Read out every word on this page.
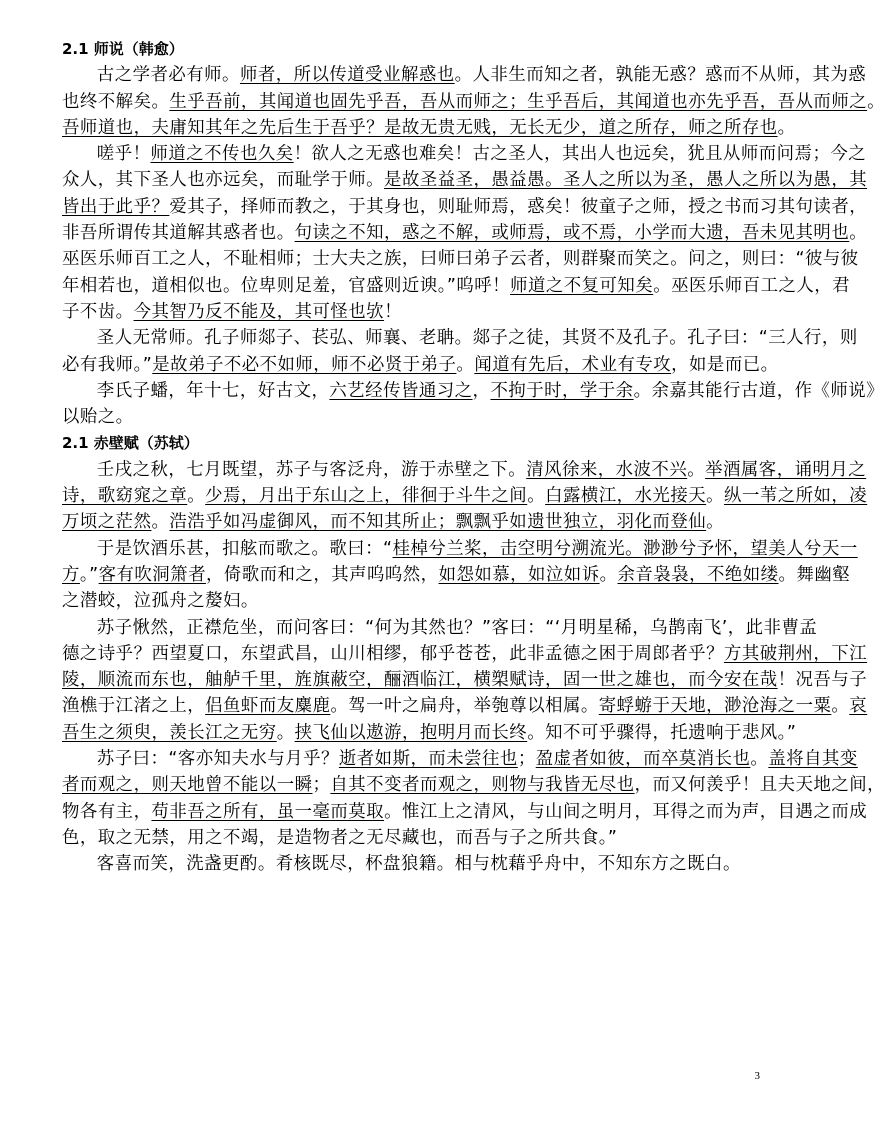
2.1 师说（韩愈）
古之学者必有师。师者，所以传道受业解惑也。人非生而知之者，孰能无惑？惑而不从师，其为惑
也终不解矣。生乎吾前，其闻道也固先乎吾，吾从而师之；生乎吾后，其闻道也亦先乎吾，吾从而师之。
吾师道也，夫庸知其年之先后生于吾乎？是故无贵无贱，无长无少，道之所存，师之所存也。
嗟乎！师道之不传也久矣！欲人之无惑也难矣！古之圣人，其出人也远矣，犹且从师而问焉；今之
众人，其下圣人也亦远矣，而耻学于师。是故圣益圣，愚益愚。圣人之所以为圣，愚人之所以为愚，其
皆出于此乎？爱其子，择师而教之，于其身也，则耻师焉，惑矣！彼童子之师，授之书而习其句读者，
非吾所谓传其道解其惑者也。句读之不知，惑之不解，或师焉，或不焉，小学而大遗，吾未见其明也。
巫医乐师百工之人，不耻相师；士大夫之族，曰师曰弟子云者，则群聚而笑之。问之，则曰：“彼与彼
年相若也，道相似也。位卑则足羞，官盛则近谀。”呜呼！师道之不复可知矣。巫医乐师百工之人，君
子不齿。今其智乃反不能及，其可怪也欤！
圣人无常师。孔子师郯子、苌弘、师襄、老聃。郯子之徒，其贤不及孔子。孔子曰：“三人行，则
必有我师。”是故弟子不必不如师，师不必贤于弟子。闻道有先后，术业有专攻，如是而已。
李氏子蟠，年十七，好古文，六艺经传皆通习之，不拘于时，学于余。余嘉其能行古道，作《师说》
以贻之。
2.1 赤壁赋（苏轼）
壬戌之秋，七月既望，苏子与客泛舟，游于赤壁之下。清风徐来，水波不兴。举酒属客，诵明月之
诗，歌窈窕之章。少焉，月出于东山之上，徘徊于斗牛之间。白露横江，水光接天。纵一苇之所如，凌
万顷之茫然。浩浩乎如冯虚御风，而不知其所止；飘飘乎如遗世独立，羽化而登仙。
于是饮酒乐甚，扣舷而歌之。歌曰：“桂棹兮兰桨，击空明兮溯流光。渺渺兮予怀，望美人兮天一
方。”客有吹洞箫者，倚歌而和之，其声呜呜然，如怨如慕，如泣如诉。余音袅袅，不绝如缕。舞幽壑
之潜蛟，泣孤舟之嫠妇。
苏子愀然，正襟危坐，而问客曰：“何为其然也？”客曰：“‘月明星稀，乌鹊南飞’，此非曹孟
德之诗乎？西望夏口，东望武昌，山川相缪，郁乎苍苍，此非孟德之困于周郎者乎？方其破荆州，下江
陵，顺流而东也，舳舻千里，旌旗蔽空，酾酒临江，横槊赋诗，固一世之雄也，而今安在哉！况吾与子
渔樵于江渚之上，侣鱼虾而友麋鹿。驾一叶之扁舟，举匏尊以相属。寄蜉蝣于天地，渺沧海之一粟。哀
吾生之须臾，羡长江之无穷。挟飞仙以遨游，抱明月而长终。知不可乎骤得，托遗响于悲风。”
苏子曰：“客亦知夫水与月乎？逝者如斯，而未尝往也；盈虚者如彼，而卒莫消长也。盖将自其变
者而观之，则天地曾不能以一瞬；自其不变者而观之，则物与我皆无尽也，而又何羡乎！且夫天地之间，
物各有主，苟非吾之所有，虽一毫而莫取。惟江上之清风，与山间之明月，耳得之而为声，目遇之而成
色，取之无禁，用之不竭，是造物者之无尽藏也，而吾与子之所共食。”
客喜而笑，洗盏更酌。肴核既尽，杯盘狼籍。相与枕藉乎舟中，不知东方之既白。
3
